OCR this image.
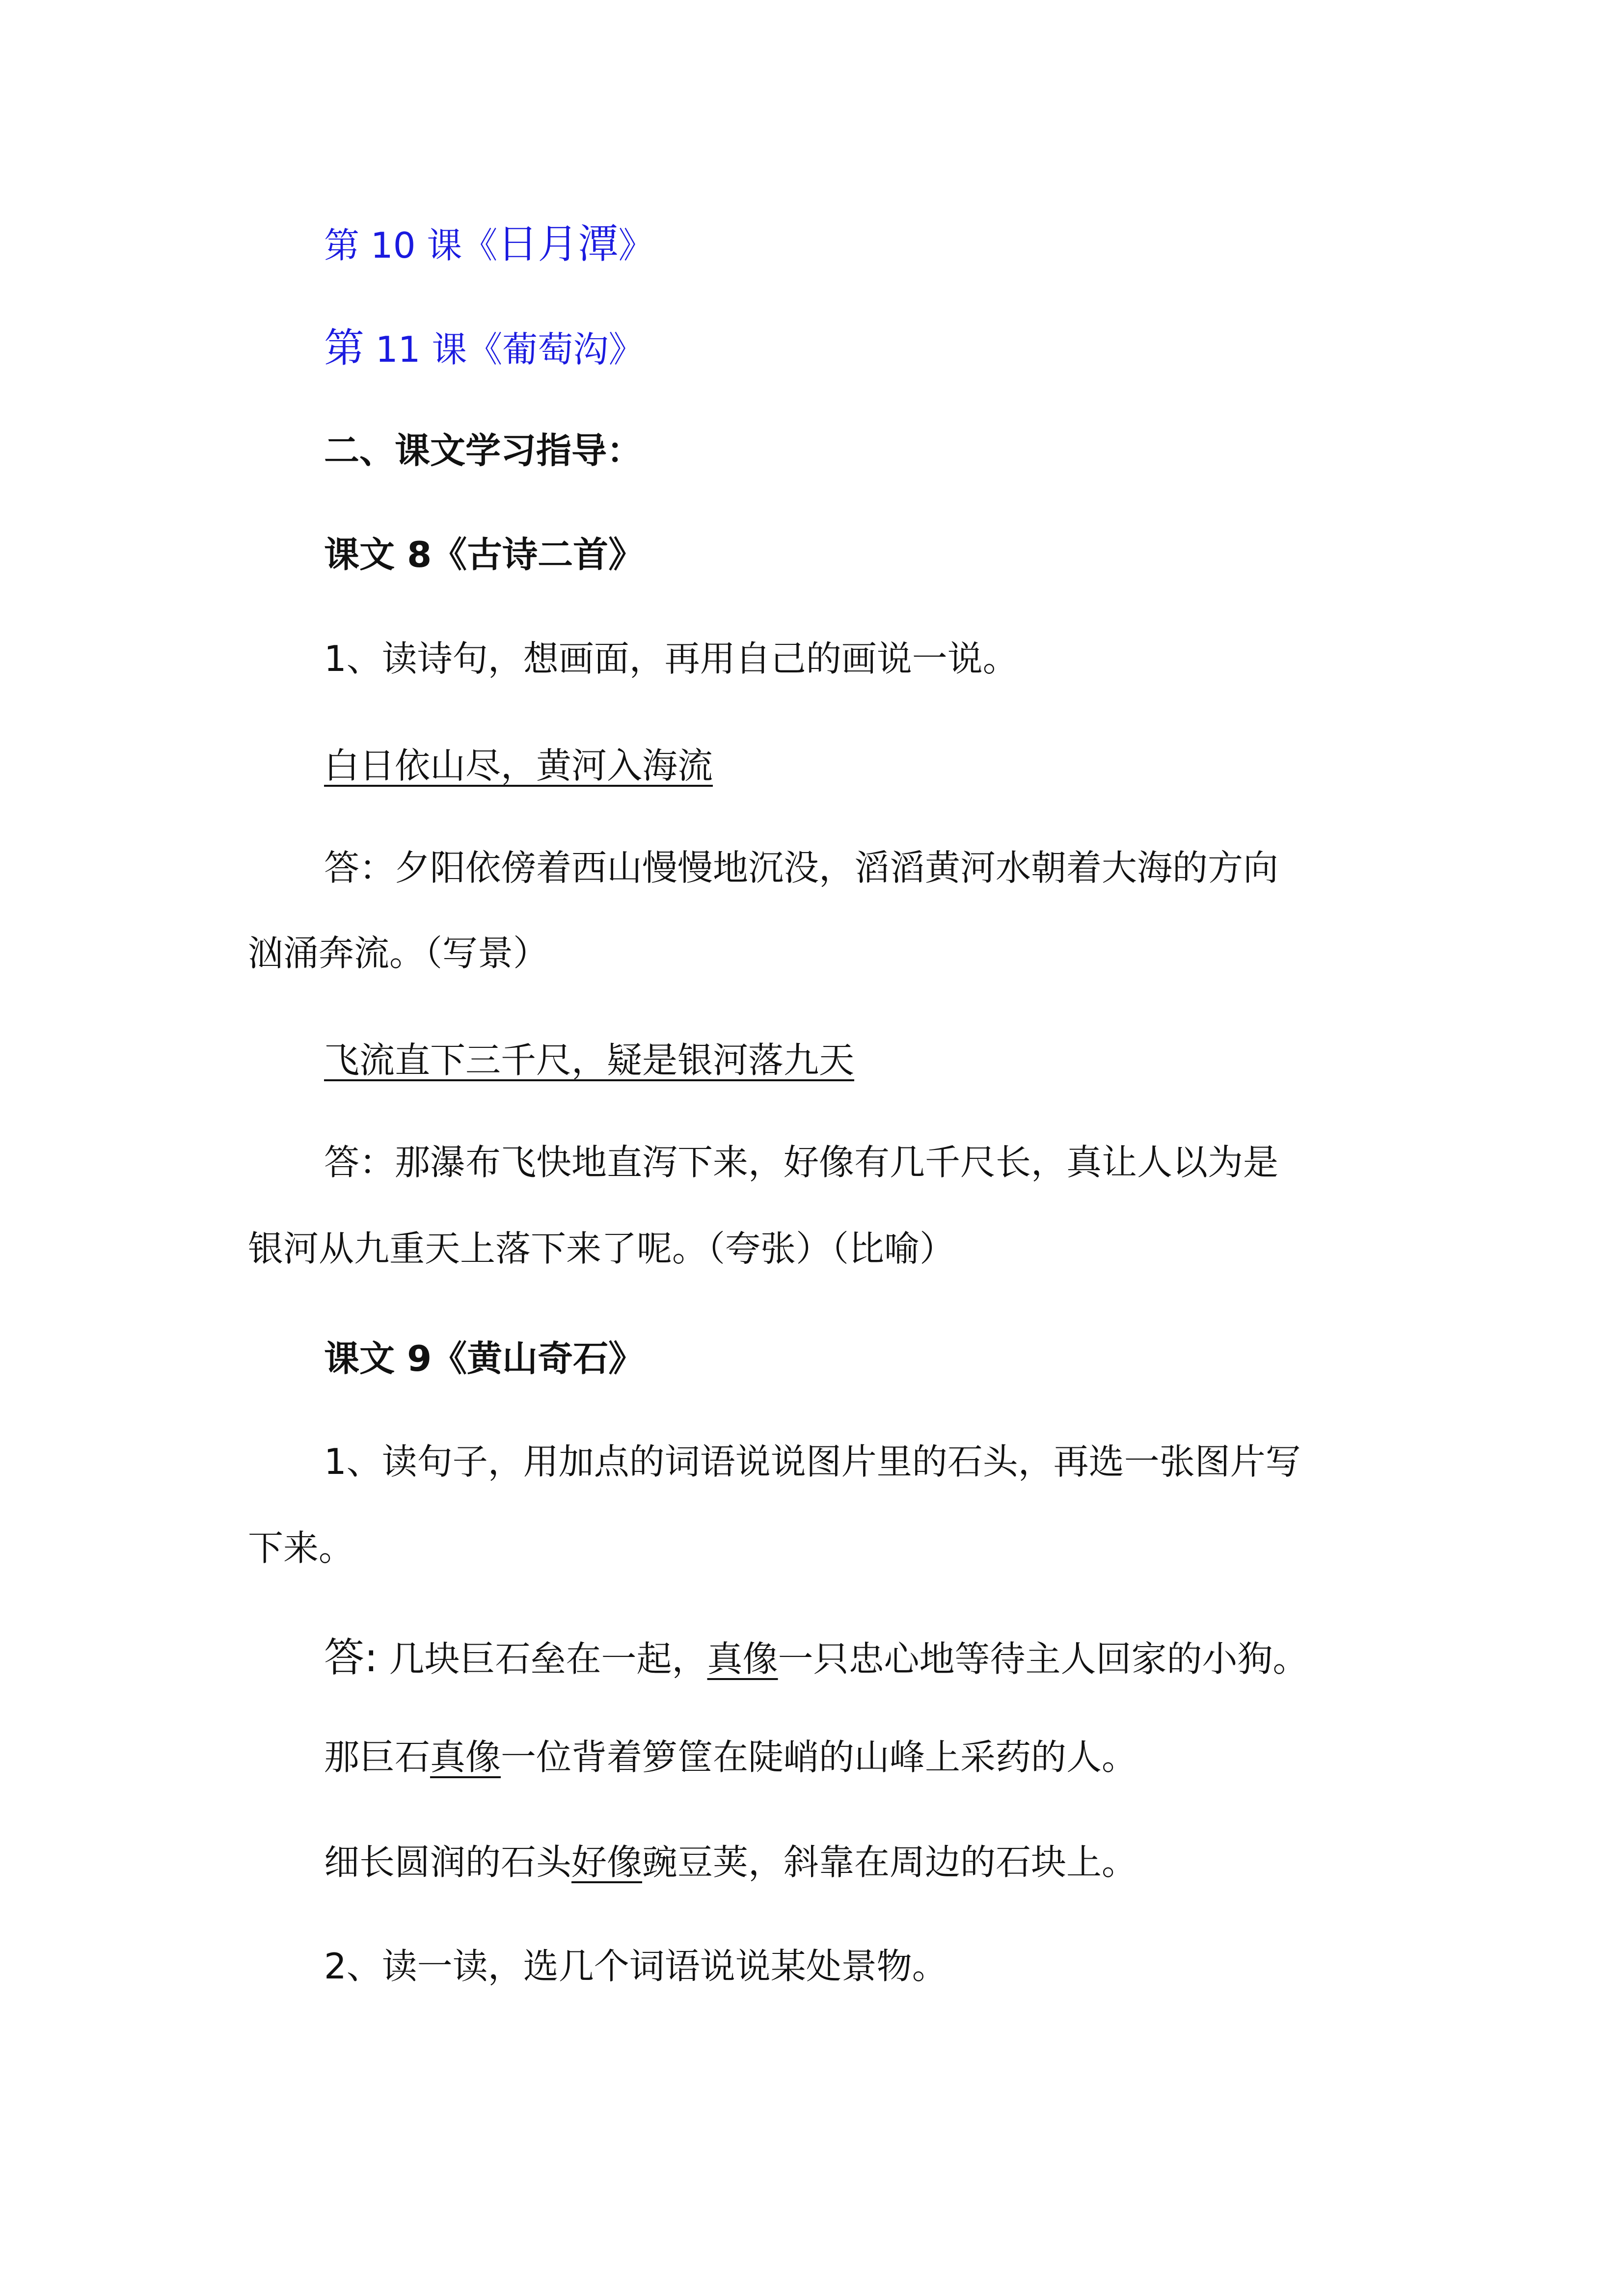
第 10 课《日月潭》
第 11 课《葡萄沟》
二、课文学习指导：
课文 8《古诗二首》
1、读诗句，想画面，再用自己的画说一说。
白日依山尽，黄河入海流
答：夕阳依傍着西山慢慢地沉没，滔滔黄河水朝着大海的方向
汹涌奔流。（写景）
飞流直下三千尺，疑是银河落九天
答：那瀑布飞快地直泻下来，好像有几千尺长，真让人以为是
银河从九重天上落下来了呢。（夸张）（比喻）
课文 9《黄山奇石》
1、读句子，用加点的词语说说图片里的石头，再选一张图片写
下来。
答: 几块巨石垒在一起，真像一只忠心地等待主人回家的小狗。
那巨石真像一位背着箩筐在陡峭的山峰上采药的人。
细长圆润的石头好像豌豆荚，斜靠在周边的石块上。
2、读一读，选几个词语说说某处景物。
